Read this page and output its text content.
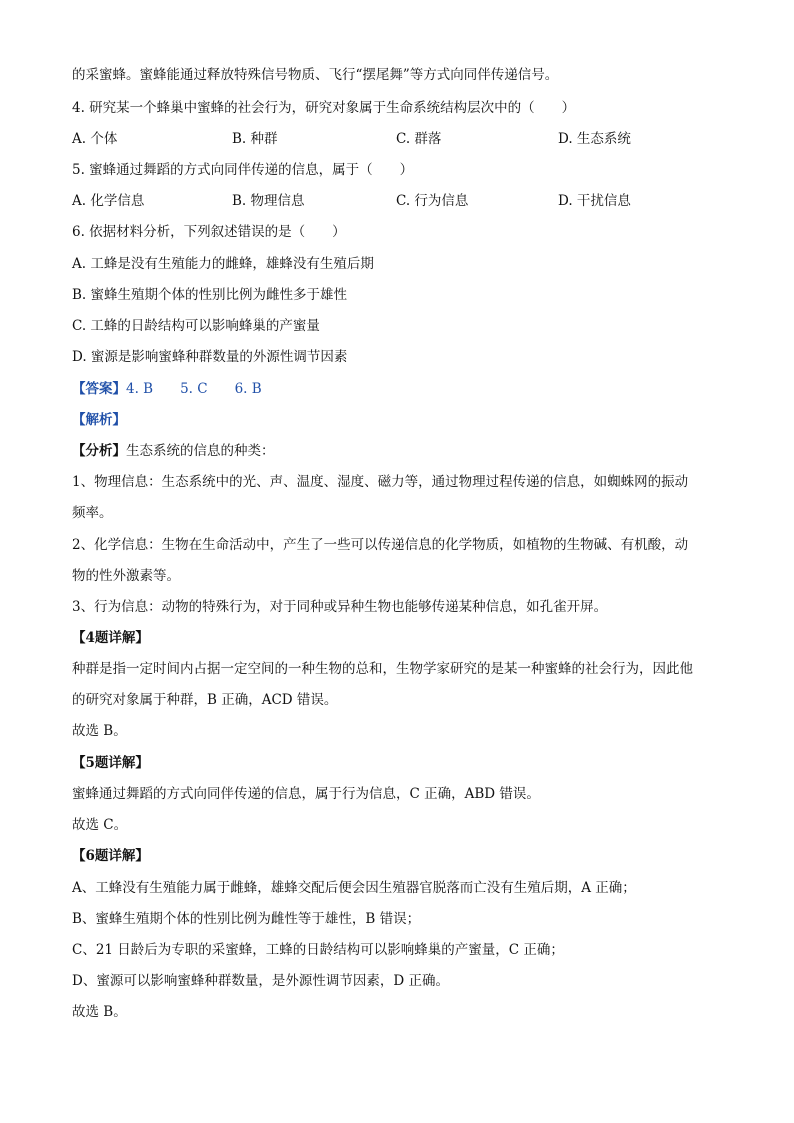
的采蜜蜂。蜜蜂能通过释放特殊信号物质、飞行“摆尾舞”等方式向同伴传递信号。
4. 研究某一个蜂巢中蜜蜂的社会行为，研究对象属于生命系统结构层次中的（　　）
A. 个体	B. 种群	C. 群落	D. 生态系统
5. 蜜蜂通过舞蹈的方式向同伴传递的信息，属于（　　）
A. 化学信息	B. 物理信息	C. 行为信息	D. 干扰信息
6. 依据材料分析，下列叙述错误的是（　　）
A. 工蜂是没有生殖能力的雌蜂，雄蜂没有生殖后期
B. 蜜蜂生殖期个体的性别比例为雌性多于雄性
C. 工蜂的日龄结构可以影响蜂巢的产蜜量
D. 蜜源是影响蜜蜂种群数量的外源性调节因素
【答案】4. B　　5. C　　6. B
【解析】
【分析】生态系统的信息的种类：
1、物理信息：生态系统中的光、声、温度、湿度、磁力等，通过物理过程传递的信息，如蜘蛛网的振动
频率。
2、化学信息：生物在生命活动中，产生了一些可以传递信息的化学物质，如植物的生物碱、有机酸，动
物的性外激素等。
3、行为信息：动物的特殊行为，对于同种或异种生物也能够传递某种信息，如孔雀开屏。
【4题详解】
种群是指一定时间内占据一定空间的一种生物的总和，生物学家研究的是某一种蜜蜂的社会行为，因此他
的研究对象属于种群，B 正确，ACD 错误。
故选 B。
【5题详解】
蜜蜂通过舞蹈的方式向同伴传递的信息，属于行为信息，C 正确，ABD 错误。
故选 C。
【6题详解】
A、工蜂没有生殖能力属于雌蜂，雄蜂交配后便会因生殖器官脱落而亡没有生殖后期，A 正确；
B、蜜蜂生殖期个体的性别比例为雌性等于雄性，B 错误；
C、21 日龄后为专职的采蜜蜂，工蜂的日龄结构可以影响蜂巢的产蜜量，C 正确；
D、蜜源可以影响蜜蜂种群数量，是外源性调节因素，D 正确。
故选 B。
